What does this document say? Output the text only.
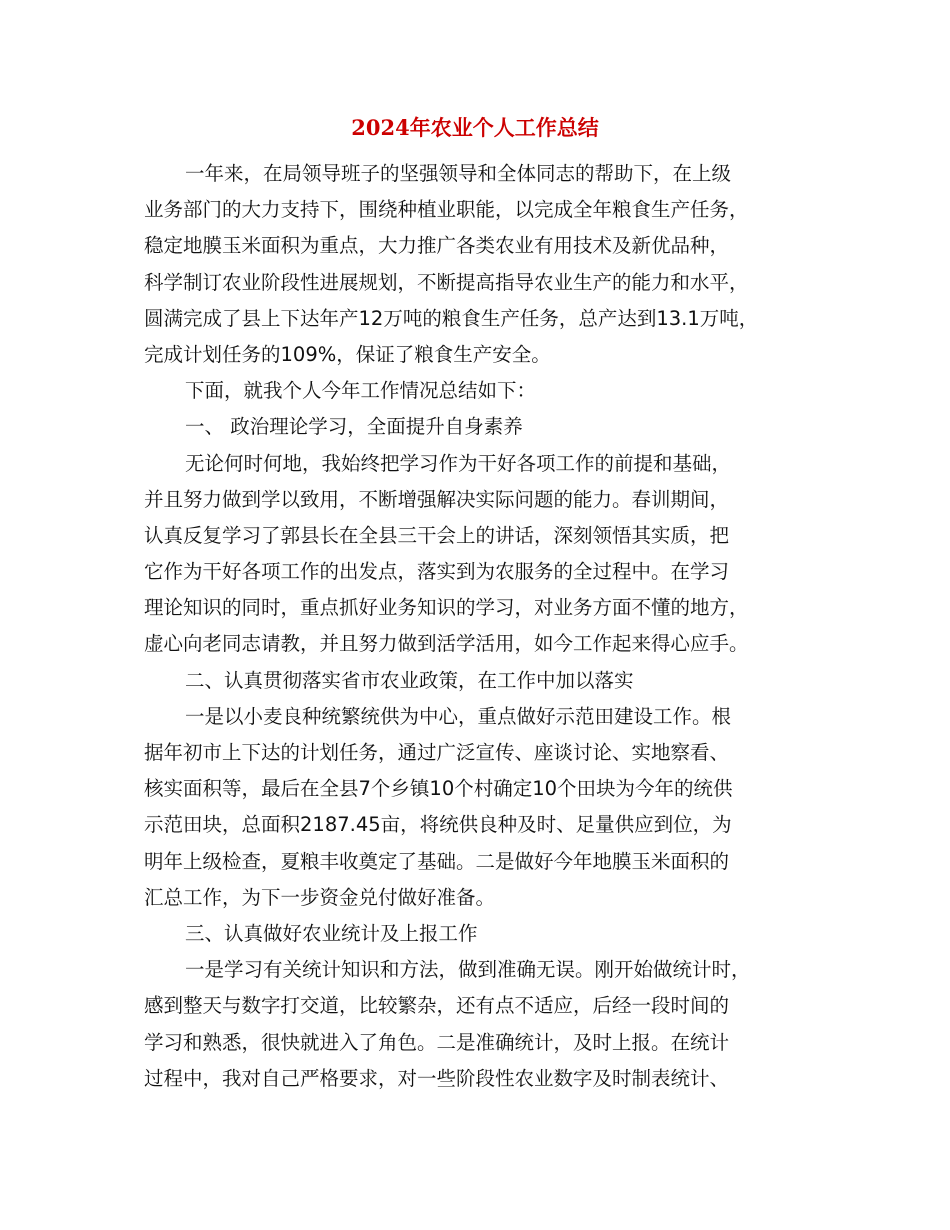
2024年农业个人工作总结
一年来，在局领导班子的坚强领导和全体同志的帮助下，在上级
业务部门的大力支持下，围绕种植业职能，以完成全年粮食生产任务，
稳定地膜玉米面积为重点，大力推广各类农业有用技术及新优品种，
科学制订农业阶段性进展规划，不断提高指导农业生产的能力和水平，
圆满完成了县上下达年产12万吨的粮食生产任务，总产达到13.1万吨，
完成计划任务的109%，保证了粮食生产安全。
下面，就我个人今年工作情况总结如下：
一、 政治理论学习，全面提升自身素养
无论何时何地，我始终把学习作为干好各项工作的前提和基础，
并且努力做到学以致用，不断增强解决实际问题的能力。春训期间，
认真反复学习了郭县长在全县三干会上的讲话，深刻领悟其实质，把
它作为干好各项工作的出发点，落实到为农服务的全过程中。在学习
理论知识的同时，重点抓好业务知识的学习，对业务方面不懂的地方，
虚心向老同志请教，并且努力做到活学活用，如今工作起来得心应手。
二、认真贯彻落实省市农业政策，在工作中加以落实
一是以小麦良种统繁统供为中心，重点做好示范田建设工作。根
据年初市上下达的计划任务，通过广泛宣传、座谈讨论、实地察看、
核实面积等，最后在全县7个乡镇10个村确定10个田块为今年的统供
示范田块，总面积2187.45亩，将统供良种及时、足量供应到位，为
明年上级检查，夏粮丰收奠定了基础。二是做好今年地膜玉米面积的
汇总工作，为下一步资金兑付做好准备。
三、认真做好农业统计及上报工作
一是学习有关统计知识和方法，做到准确无误。刚开始做统计时，
感到整天与数字打交道，比较繁杂，还有点不适应，后经一段时间的
学习和熟悉，很快就进入了角色。二是准确统计，及时上报。在统计
过程中，我对自己严格要求，对一些阶段性农业数字及时制表统计、
